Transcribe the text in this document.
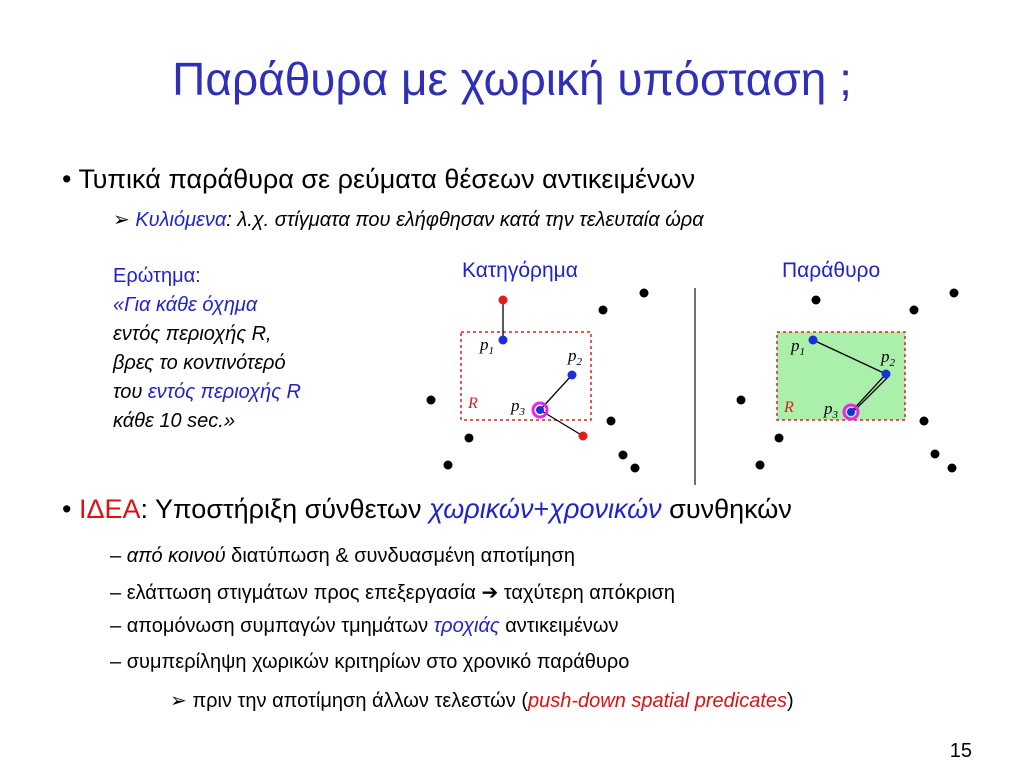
Παράθυρα με χωρική υπόσταση ;
• Τυπικά παράθυρα σε ρεύματα θέσεων αντικειμένων
➢ Κυλιόμενα: λ.χ. στίγματα που ελήφθησαν κατά την τελευταία ώρα
Ερώτημα:
«Για κάθε όχημα
εντός περιοχής R,
βρες το κοντινότερό
του εντός περιοχής R
κάθε 10 sec.»
Κατηγόρημα	Παράθυρο
R
$p_1$	$p_2$
$p_3$	R
$p_1$	$p_2$
$p_3$
• ΙΔΕΑ: Υποστήριξη σύνθετων χωρικών+χρονικών συνθηκών
– από κοινού διατύπωση & συνδυασμένη αποτίμηση
– ελάττωση στιγμάτων προς επεξεργασία ➔ ταχύτερη απόκριση
– απομόνωση συμπαγών τμημάτων τροχιάς αντικειμένων
– συμπερίληψη χωρικών κριτηρίων στο χρονικό παράθυρο
➢ πριν την αποτίμηση άλλων τελεστών (push-down spatial predicates)
15
